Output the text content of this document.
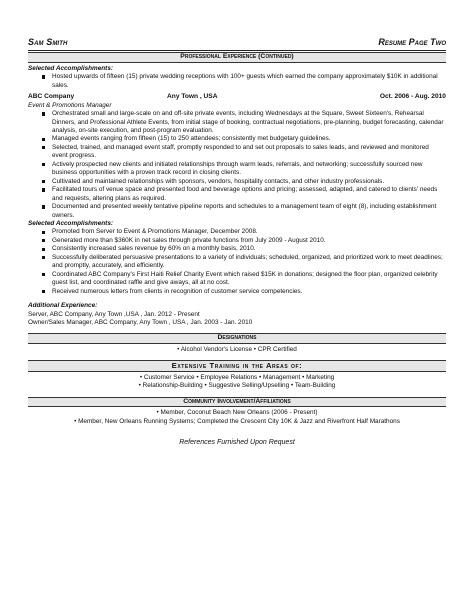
Sam Smith	Resume Page Two
Professional Experience (Continued)
Selected Accomplishments:
Hosted upwards of fifteen (15) private wedding receptions with 100+ guests which earned the company approximately $10K in additional sales.
ABC Company	Any Town , USA	Oct. 2006 - Aug. 2010
Event & Promotions Manager
Orchestrated small and large-scale on and off-site private events, including Wednesdays at the Square, Sweet Sixteen's, Rehearsal Dinners, and Professional Athlete Events, from initial stage of booking, contractual negotiations, pre-planning, budget forecasting, calendar analysis, on-site execution, and post-program evaluation.
Managed events ranging from fifteen (15) to 250 attendees; consistently met budgetary guidelines.
Selected, trained, and managed event staff, promptly responded to and set out proposals to sales leads, and reviewed and monitored event progress.
Actively prospected new clients and initiated relationships through warm leads, referrals, and networking; successfully sourced new business opportunities with a proven track record in closing clients.
Cultivated and maintained relationships with sponsors, vendors, hospitality contacts, and other industry professionals.
Facilitated tours of venue space and presented food and beverage options and pricing; assessed, adapted, and catered to clients' needs and requests, altering plans as required.
Documented and presented weekly tentative pipeline reports and schedules to a management team of eight (8), including establishment owners.
Selected Accomplishments:
Promoted from Server to Event & Promotions Manager, December 2008.
Generated more than $360K in net sales through private functions from July 2009 - August 2010.
Consistently increased sales revenue by 60% on a monthly basis, 2010.
Successfully deliberated persuasive presentations to a variety of individuals; scheduled, organized, and prioritized work to meet deadlines; and promptly, accurately, and efficiently.
Coordinated ABC Company's First Haiti Relief Charity Event which raised $15K in donations; designed the floor plan, organized celebrity guest list, and coordinated raffle and give aways, all at no cost.
Received numerous letters from clients in recognition of customer service competencies.
Additional Experience:
Server, ABC Company, Any Town ,USA , Jan. 2012 - Present
Owner/Sales Manager, ABC Company, Any Town , USA , Jan. 2003 - Jan. 2010
Designations
• Alcohol Vendor's License • CPR Certified
Extensive Training in the Areas of:
• Customer Service • Employee Relations • Management • Marketing
• Relationship-Building • Suggestive Selling/Upselling • Team-Building
Community Involvement/Affiliations
• Member, Coconut Beach New Orleans (2006 - Present)
• Member, New Orleans Running Systems; Completed the Crescent City 10K & Jazz and Riverfront Half Marathons
References Furnished Upon Request
